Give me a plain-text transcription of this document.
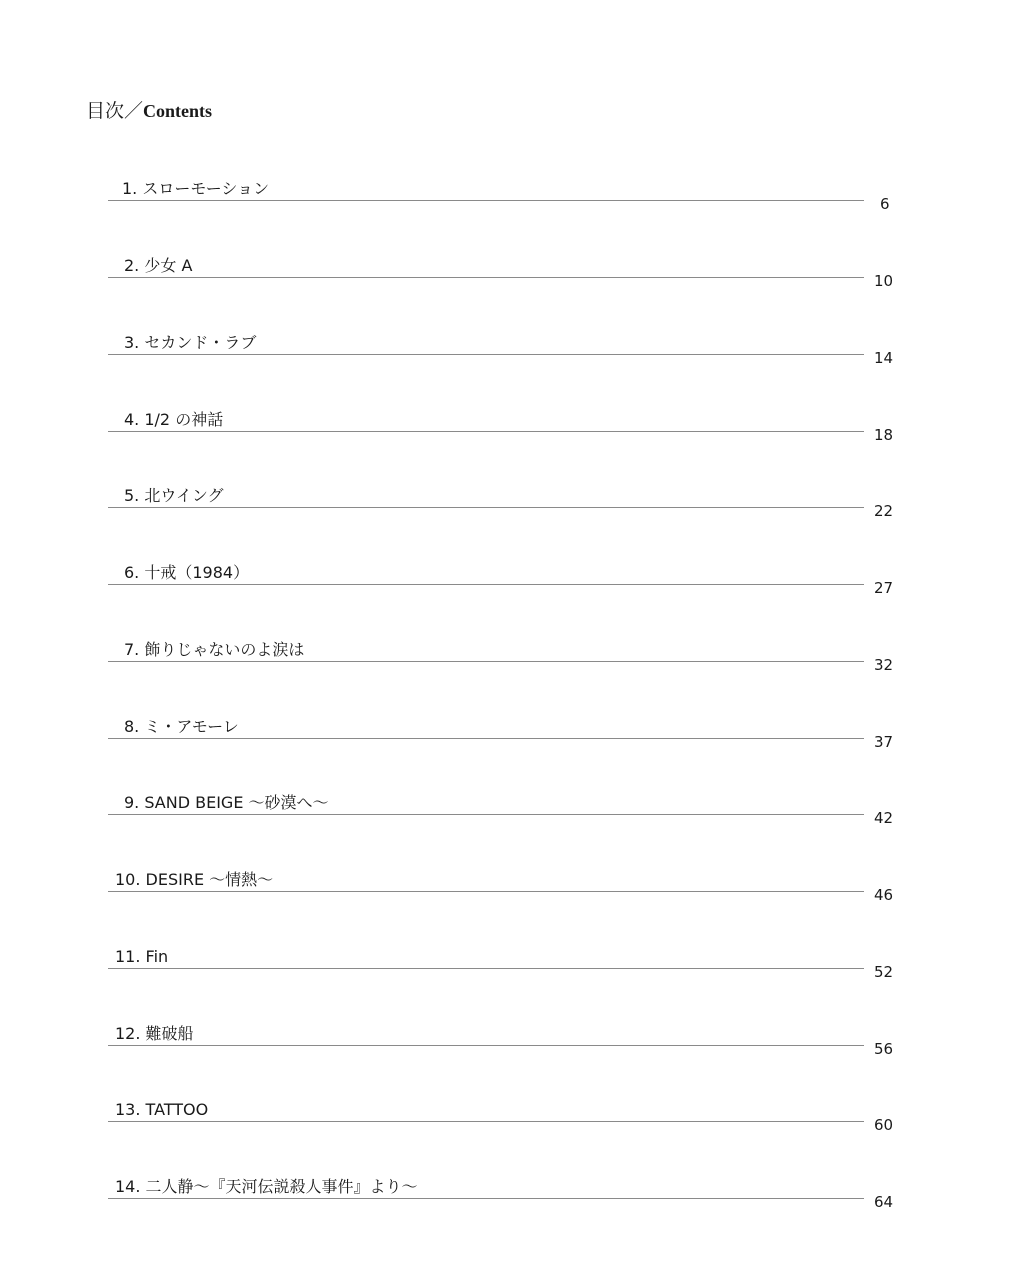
目次／Contents
1. スローモーション
6
2. 少女 A
10
3. セカンド・ラブ
14
4. 1/2 の神話
18
5. 北ウイング
22
6. 十戒（1984）
27
7. 飾りじゃないのよ涙は
32
8. ミ・アモーレ
37
9. SAND BEIGE ～砂漠へ～
42
10. DESIRE ～情熱～
46
11. Fin
52
12. 難破船
56
13. TATTOO
60
14. 二人静～『天河伝説殺人事件』より～
64
